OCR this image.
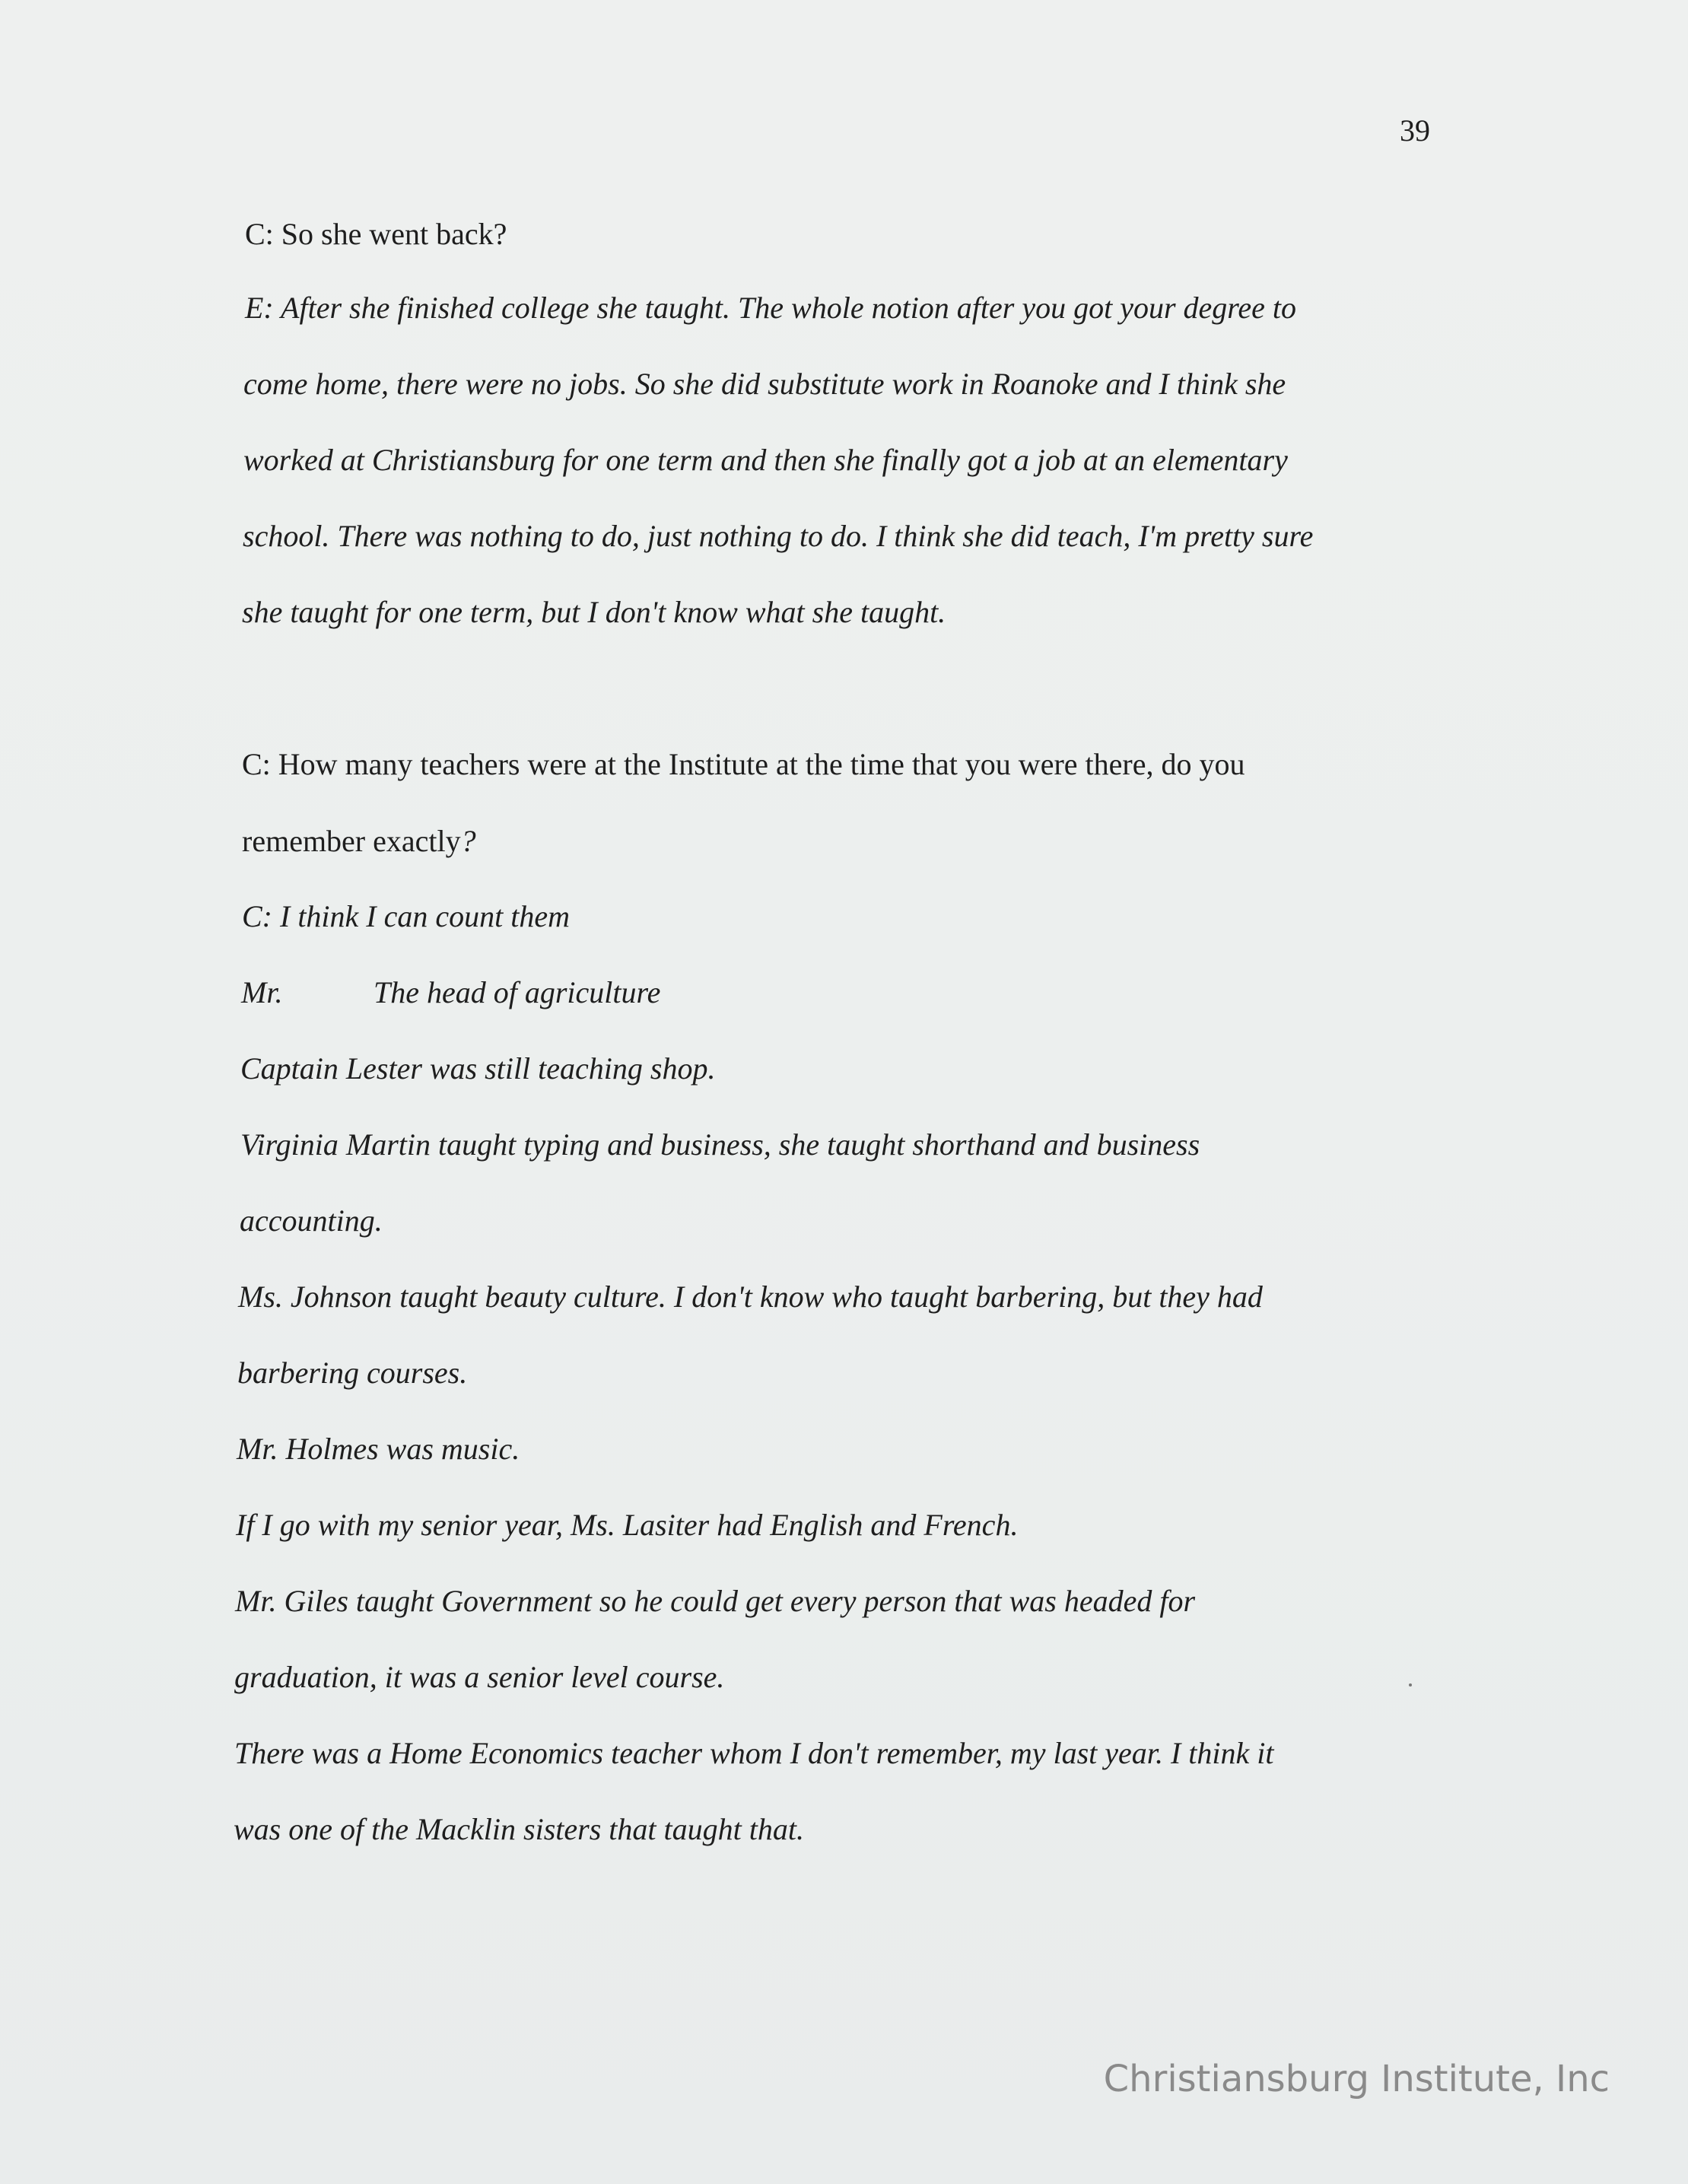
39
C: So she went back?
E: After she finished college she taught. The whole notion after you got your degree to
come home, there were no jobs. So she did substitute work in Roanoke and I think she
worked at Christiansburg for one term and then she finally got a job at an elementary
school. There was nothing to do, just nothing to do. I think she did teach, I'm pretty sure
she taught for one term, but I don't know what she taught.
C: How many teachers were at the Institute at the time that you were there, do you
remember exactly?
C: I think I can count them
Mr.	The head of agriculture
Captain Lester was still teaching shop.
Virginia Martin taught typing and business, she taught shorthand and business
accounting.
Ms. Johnson taught beauty culture. I don't know who taught barbering, but they had
barbering courses.
Mr. Holmes was music.
If I go with my senior year, Ms. Lasiter had English and French.
Mr. Giles taught Government so he could get every person that was headed for
graduation, it was a senior level course.
There was a Home Economics teacher whom I don't remember, my last year. I think it
was one of the Macklin sisters that taught that.
Christiansburg Institute, Inc
